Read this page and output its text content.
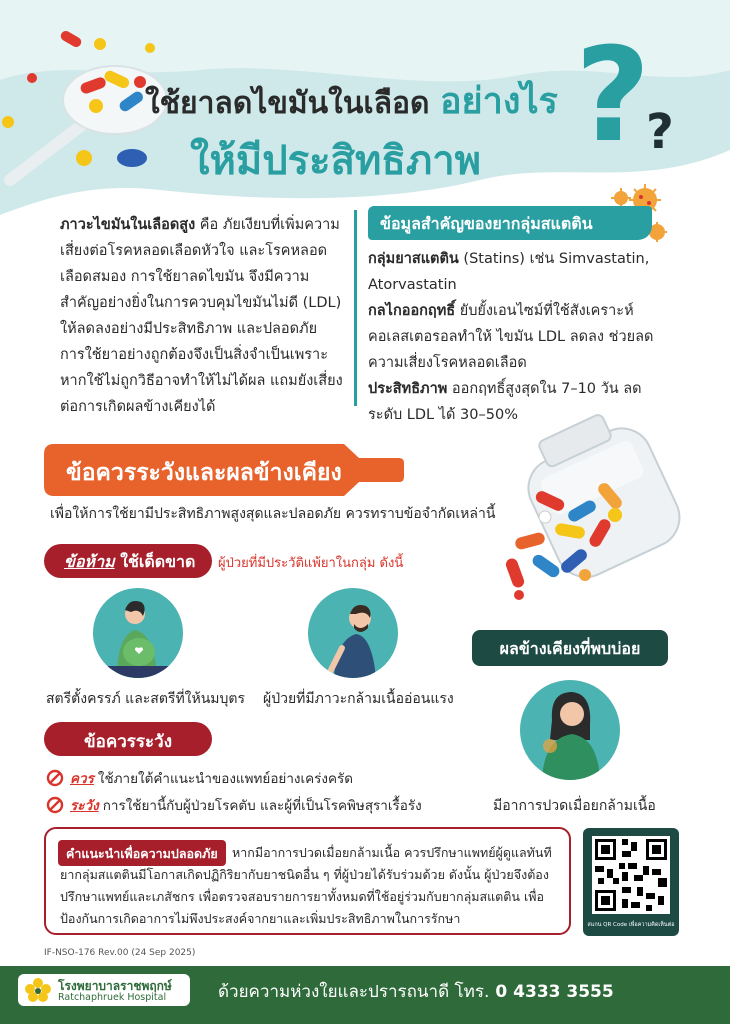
ใช้ยาลดไขมันในเลือด อย่างไร
ให้มีประสิทธิภาพ ?
?
ภาวะไขมันในเลือดสูง คือ ภัยเงียบที่เพิ่มความเสี่ยงต่อโรคหลอดเลือดหัวใจ และโรคหลอดเลือดสมอง การใช้ยาลดไขมัน จึงมีความสำคัญอย่างยิ่งในการควบคุมไขมันไม่ดี (LDL) ให้ลดลงอย่างมีประสิทธิภาพ และปลอดภัย การใช้ยาอย่างถูกต้องจึงเป็นสิ่งจำเป็นเพราะหากใช้ไม่ถูกวิธีอาจทำให้ไม่ได้ผล แถมยังเสี่ยงต่อการเกิดผลข้างเคียงได้
ข้อมูลสำคัญของยากลุ่มสแตติน
กลุ่มยาสแตติน (Statins) เช่น Simvastatin, Atorvastatin
กลไกออกฤทธิ์ ยับยั้งเอนไซม์ที่ใช้สังเคราะห์คอเลสเตอรอลทำให้ ไขมัน LDL ลดลง ช่วยลดความเสี่ยงโรคหลอดเลือด
ประสิทธิภาพ ออกฤทธิ์สูงสุดใน 7–10 วัน ลดระดับ LDL ได้ 30–50%
ข้อควรระวังและผลข้างเคียง
เพื่อให้การใช้ยามีประสิทธิภาพสูงสุดและปลอดภัย ควรทราบข้อจำกัดเหล่านี้
ข้อห้าม ใช้เด็ดขาด	ผู้ป่วยที่มีประวัติแพ้ยาในกลุ่ม ดังนี้
สตรีตั้งครรภ์ และสตรีที่ให้นมบุตร ผู้ป่วยที่มีภาวะกล้ามเนื้ออ่อนแรง
ข้อควรระวัง
ควร ใช้ภายใต้คำแนะนำของแพทย์อย่างเคร่งครัด
ระวัง การใช้ยานี้กับผู้ป่วยโรคตับ และผู้ที่เป็นโรคพิษสุราเรื้อรัง
ผลข้างเคียงที่พบบ่อย
มีอาการปวดเมื่อยกล้ามเนื้อ
หากมีอาการปวดเมื่อยกล้ามเนื้อ ควรปรึกษาแพทย์ผู้ดูแลทันที ยากลุ่มสแตตินมีโอกาสเกิดปฏิกิริยากับยาชนิดอื่น ๆ ที่ผู้ป่วยได้รับร่วมด้วย ดังนั้น ผู้ป่วยจึงต้องปรึกษาแพทย์และเภสัชกร เพื่อตรวจสอบรายการยาทั้งหมดที่ใช้อยู่ร่วมกับยากลุ่มสแตติน เพื่อป้องกันการเกิดอาการไม่พึงประสงค์จากยาและเพิ่มประสิทธิภาพในการรักษา
คำแนะนำเพื่อความปลอดภัย
สแกน QR Code เพื่อความคิดเห็นต่อ
IF-NSO-176 Rev.00 (24 Sep 2025)
โรงพยาบาลราชพฤกษ์
Ratchaphruek Hospital	ด้วยความห่วงใยและปรารถนาดี โทร. 0 4333 3555
